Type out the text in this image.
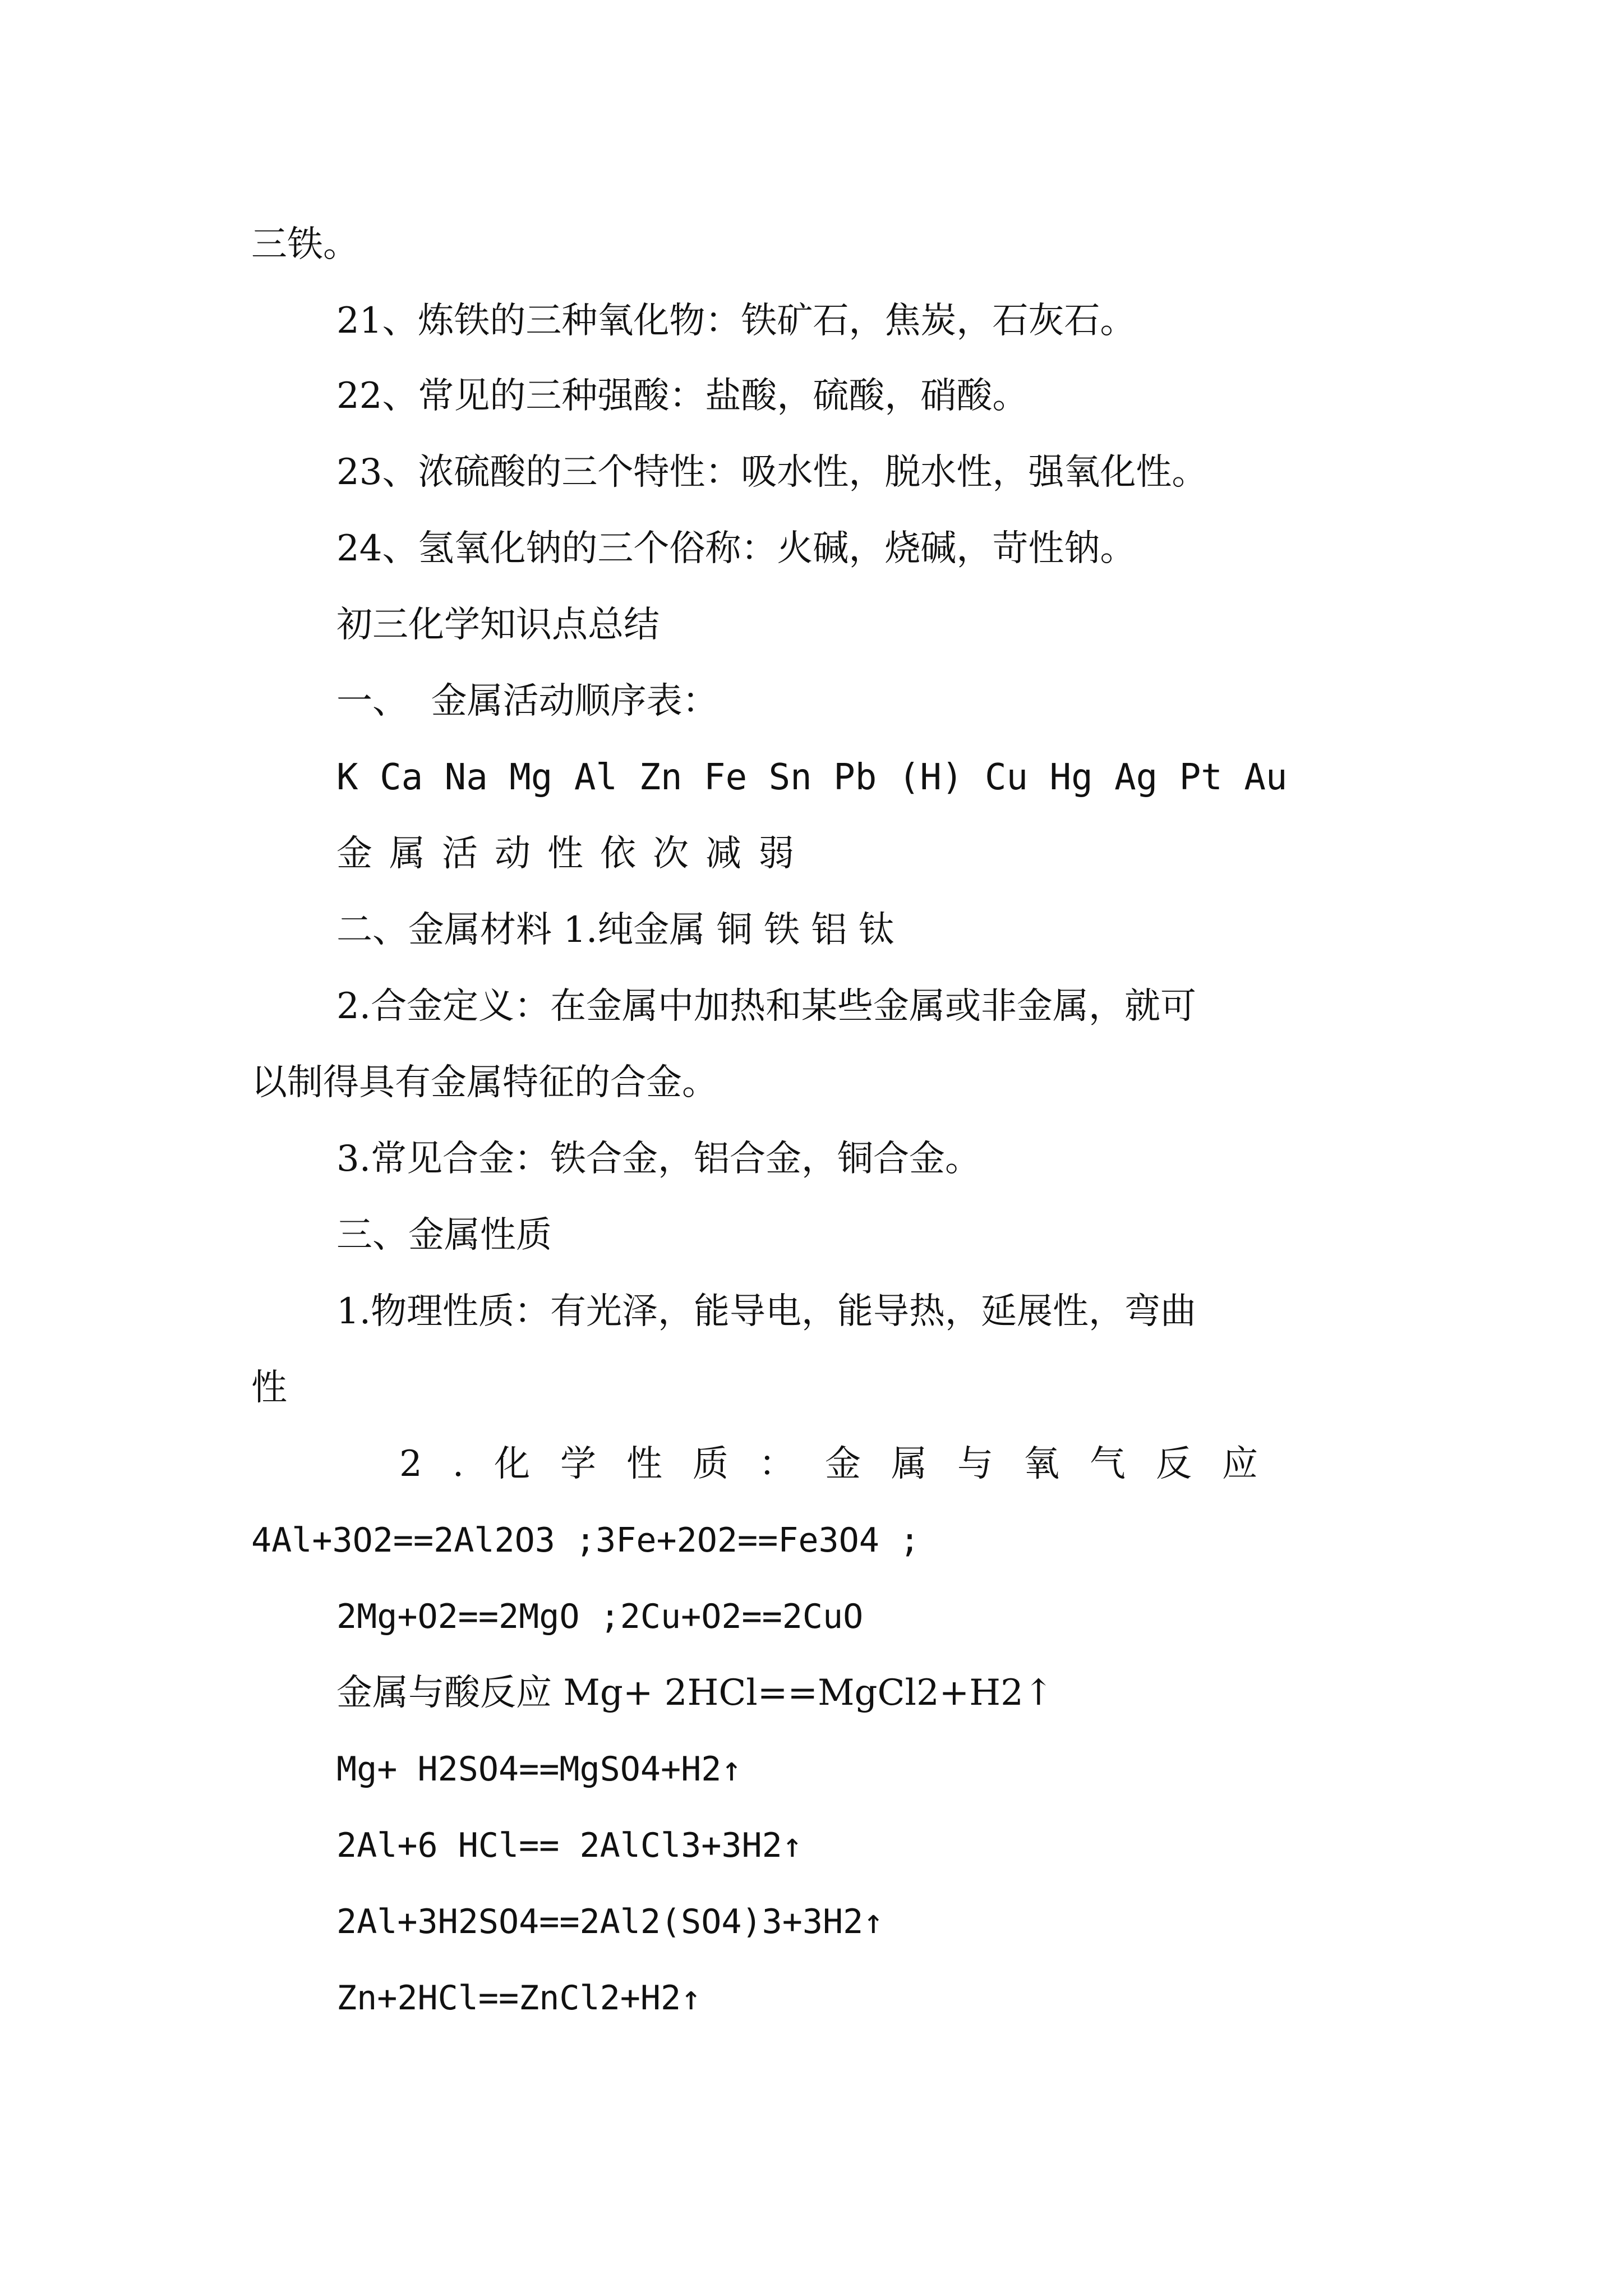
三铁。
21、炼铁的三种氧化物：铁矿石，焦炭，石灰石。
22、常见的三种强酸：盐酸，硫酸，硝酸。
23、浓硫酸的三个特性：吸水性，脱水性，强氧化性。
24、氢氧化钠的三个俗称：火碱，烧碱，苛性钠。
初三化学知识点总结
一、  金属活动顺序表：
K Ca Na Mg Al Zn Fe Sn Pb (H) Cu Hg Ag Pt Au
金属活动性依次减弱
二、金属材料 1.纯金属 铜 铁 铝 钛
2.合金定义：在金属中加热和某些金属或非金属，就可
以制得具有金属特征的合金。
3.常见合金：铁合金，铝合金，铜合金。
三、金属性质
1.物理性质：有光泽，能导电，能导热，延展性，弯曲
性
2.化学性质：金属与氧气反应
4Al+3O2==2Al2O3 ;3Fe+2O2==Fe3O4 ;
2Mg+O2==2MgO ;2Cu+O2==2CuO
金属与酸反应 Mg+ 2HCl==MgCl2+H2↑
Mg+ H2SO4==MgSO4+H2↑
2Al+6 HCl== 2AlCl3+3H2↑
2Al+3H2SO4==2Al2(SO4)3+3H2↑
Zn+2HCl==ZnCl2+H2↑
